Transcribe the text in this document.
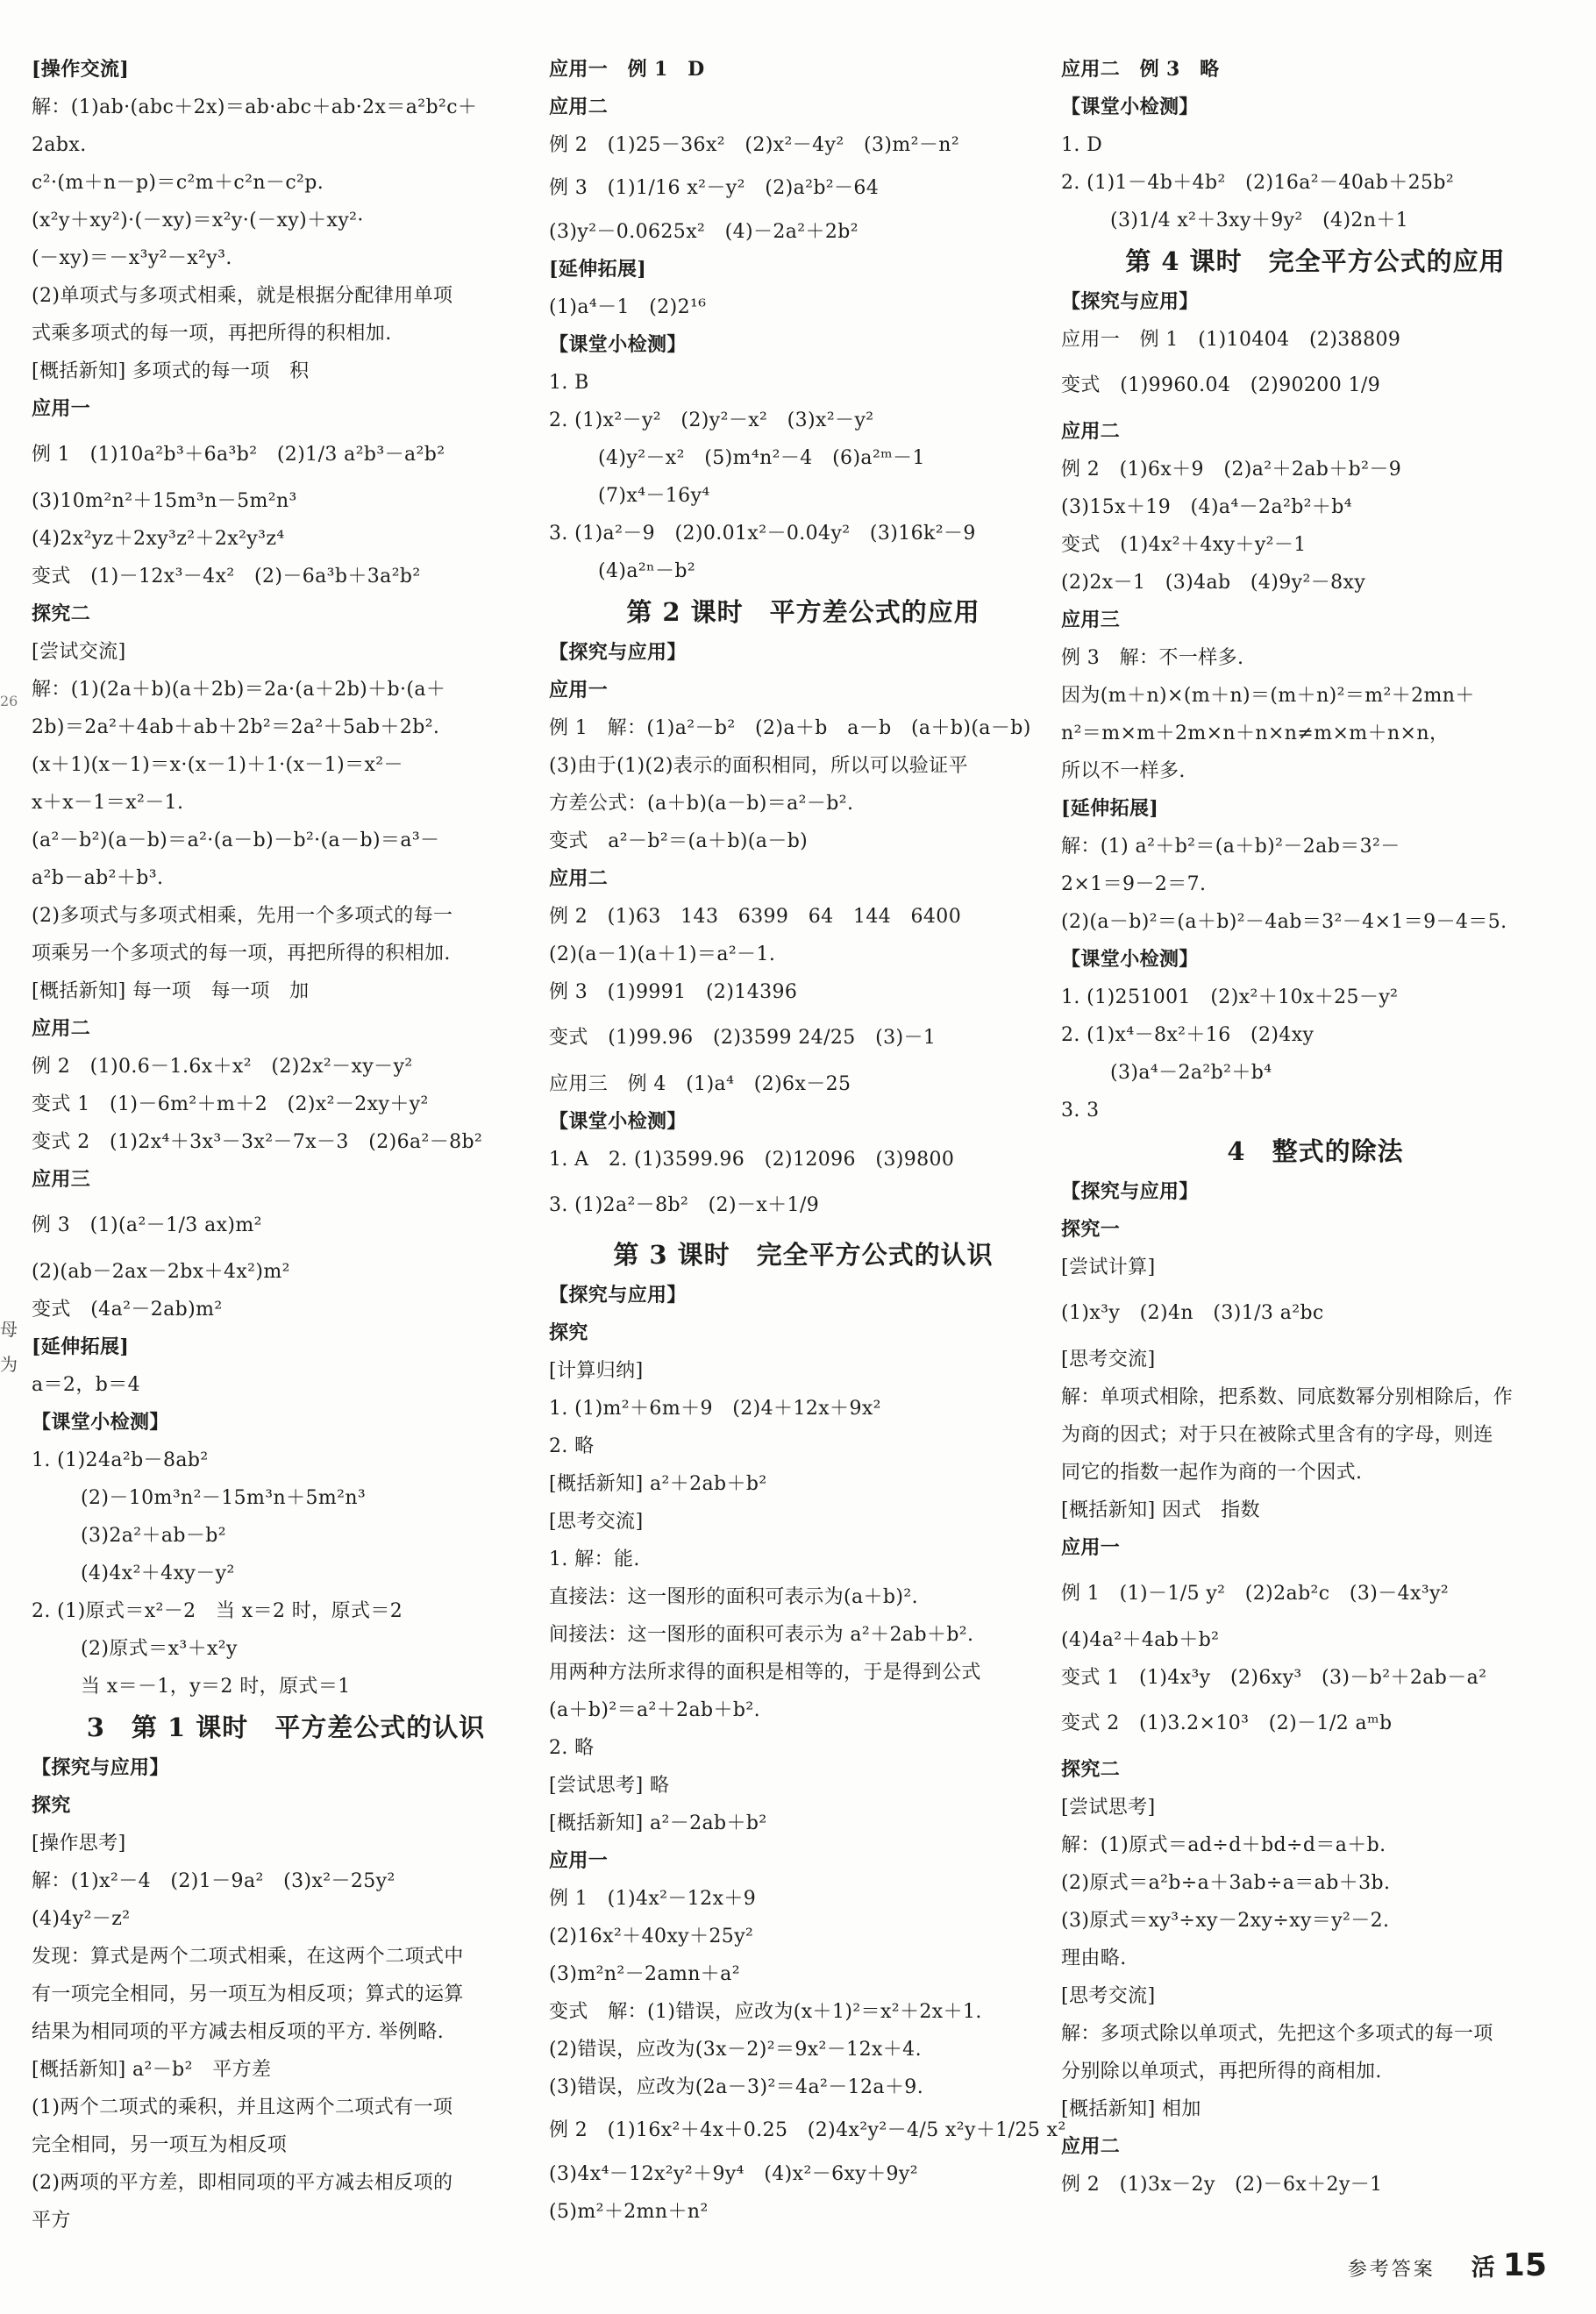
[操作交流]
解：(1)ab·(abc＋2x)＝ab·abc＋ab·2x＝a²b²c＋
2abx.
c²·(m＋n－p)＝c²m＋c²n－c²p.
(x²y＋xy²)·(－xy)＝x²y·(－xy)＋xy²·
(－xy)＝－x³y²－x²y³.
(2)单项式与多项式相乘，就是根据分配律用单项
式乘多项式的每一项，再把所得的积相加.
[概括新知] 多项式的每一项　积
应用一
例 1　(1)10a²b³＋6a³b²　(2)1/3 a²b³－a²b²
(3)10m²n²＋15m³n－5m²n³
(4)2x²yz＋2xy³z²＋2x²y³z⁴
变式　(1)－12x³－4x²　(2)－6a³b＋3a²b²
探究二
[尝试交流]
解：(1)(2a＋b)(a＋2b)＝2a·(a＋2b)＋b·(a＋
2b)＝2a²＋4ab＋ab＋2b²＝2a²＋5ab＋2b².
(x＋1)(x－1)＝x·(x－1)＋1·(x－1)＝x²－
x＋x－1＝x²－1.
(a²－b²)(a－b)＝a²·(a－b)－b²·(a－b)＝a³－
a²b－ab²＋b³.
(2)多项式与多项式相乘，先用一个多项式的每一
项乘另一个多项式的每一项，再把所得的积相加.
[概括新知] 每一项　每一项　加
应用二
例 2　(1)0.6－1.6x＋x²　(2)2x²－xy－y²
变式 1　(1)－6m²＋m＋2　(2)x²－2xy＋y²
变式 2　(1)2x⁴＋3x³－3x²－7x－3　(2)6a²－8b²
应用三
例 3　(1)(a²－1/3 ax)m²
(2)(ab－2ax－2bx＋4x²)m²
变式　(4a²－2ab)m²
[延伸拓展]
a＝2，b＝4
【课堂小检测】
1. (1)24a²b－8ab²
(2)－10m³n²－15m³n＋5m²n³
(3)2a²＋ab－b²
(4)4x²＋4xy－y²
2. (1)原式＝x²－2　当 x＝2 时，原式＝2
(2)原式＝x³＋x²y
当 x＝－1，y＝2 时，原式＝1
3　第 1 课时　平方差公式的认识
【探究与应用】
探究
[操作思考]
解：(1)x²－4　(2)1－9a²　(3)x²－25y²
(4)4y²－z²
发现：算式是两个二项式相乘，在这两个二项式中
有一项完全相同，另一项互为相反项；算式的运算
结果为相同项的平方减去相反项的平方. 举例略.
[概括新知] a²－b²　平方差
(1)两个二项式的乘积，并且这两个二项式有一项
完全相同，另一项互为相反项
(2)两项的平方差，即相同项的平方减去相反项的
平方
应用一　例 1　D
应用二
例 2　(1)25－36x²　(2)x²－4y²　(3)m²－n²
例 3　(1)1/16 x²－y²　(2)a²b²－64
(3)y²－0.0625x²　(4)－2a²＋2b²
[延伸拓展]
(1)a⁴－1　(2)2¹⁶
【课堂小检测】
1. B
2. (1)x²－y²　(2)y²－x²　(3)x²－y²
(4)y²－x²　(5)m⁴n²－4　(6)a²ᵐ－1
(7)x⁴－16y⁴
3. (1)a²－9　(2)0.01x²－0.04y²　(3)16k²－9
(4)a²ⁿ－b²
第 2 课时　平方差公式的应用
【探究与应用】
应用一
例 1　解：(1)a²－b²　(2)a＋b　a－b　(a＋b)(a－b)
(3)由于(1)(2)表示的面积相同，所以可以验证平
方差公式：(a＋b)(a－b)＝a²－b².
变式　a²－b²＝(a＋b)(a－b)
应用二
例 2　(1)63　143　6399　64　144　6400
(2)(a－1)(a＋1)＝a²－1.
例 3　(1)9991　(2)14396
变式　(1)99.96　(2)3599 24/25　(3)－1
应用三　例 4　(1)a⁴　(2)6x－25
【课堂小检测】
1. A　2. (1)3599.96　(2)12096　(3)9800
3. (1)2a²－8b²　(2)－x＋1/9
第 3 课时　完全平方公式的认识
【探究与应用】
探究
[计算归纳]
1. (1)m²＋6m＋9　(2)4＋12x＋9x²
2. 略
[概括新知] a²＋2ab＋b²
[思考交流]
1. 解：能.
直接法：这一图形的面积可表示为(a＋b)².
间接法：这一图形的面积可表示为 a²＋2ab＋b².
用两种方法所求得的面积是相等的，于是得到公式
(a＋b)²＝a²＋2ab＋b².
2. 略
[尝试思考] 略
[概括新知] a²－2ab＋b²
应用一
例 1　(1)4x²－12x＋9
(2)16x²＋40xy＋25y²
(3)m²n²－2amn＋a²
变式　解：(1)错误，应改为(x＋1)²＝x²＋2x＋1.
(2)错误，应改为(3x－2)²＝9x²－12x＋4.
(3)错误，应改为(2a－3)²＝4a²－12a＋9.
例 2　(1)16x²＋4x＋0.25　(2)4x²y²－4/5 x²y＋1/25 x²
(3)4x⁴－12x²y²＋9y⁴　(4)x²－6xy＋9y²
(5)m²＋2mn＋n²
应用二　例 3　略
【课堂小检测】
1. D
2. (1)1－4b＋4b²　(2)16a²－40ab＋25b²
(3)1/4 x²＋3xy＋9y²　(4)2n＋1
第 4 课时　完全平方公式的应用
【探究与应用】
应用一　例 1　(1)10404　(2)38809
变式　(1)9960.04　(2)90200 1/9
应用二
例 2　(1)6x＋9　(2)a²＋2ab＋b²－9
(3)15x＋19　(4)a⁴－2a²b²＋b⁴
变式　(1)4x²＋4xy＋y²－1
(2)2x－1　(3)4ab　(4)9y²－8xy
应用三
例 3　解：不一样多.
因为(m＋n)×(m＋n)＝(m＋n)²＝m²＋2mn＋
n²＝m×m＋2m×n＋n×n≠m×m＋n×n，
所以不一样多.
[延伸拓展]
解：(1) a²＋b²＝(a＋b)²－2ab＝3²－
2×1＝9－2＝7.
(2)(a－b)²＝(a＋b)²－4ab＝3²－4×1＝9－4＝5.
【课堂小检测】
1. (1)251001　(2)x²＋10x＋25－y²
2. (1)x⁴－8x²＋16　(2)4xy
(3)a⁴－2a²b²＋b⁴
3. 3
4　整式的除法
【探究与应用】
探究一
[尝试计算]
(1)x³y　(2)4n　(3)1/3 a²bc
[思考交流]
解：单项式相除，把系数、同底数幂分别相除后，作
为商的因式；对于只在被除式里含有的字母，则连
同它的指数一起作为商的一个因式.
[概括新知] 因式　指数
应用一
例 1　(1)－1/5 y²　(2)2ab²c　(3)－4x³y²
(4)4a²＋4ab＋b²
变式 1　(1)4x³y　(2)6xy³　(3)－b²＋2ab－a²
变式 2　(1)3.2×10³　(2)－1/2 aᵐb
探究二
[尝试思考]
解：(1)原式＝ad÷d＋bd÷d＝a＋b.
(2)原式＝a²b÷a＋3ab÷a＝ab＋3b.
(3)原式＝xy³÷xy－2xy÷xy＝y²－2.
理由略.
[思考交流]
解：多项式除以单项式，先把这个多项式的每一项
分别除以单项式，再把所得的商相加.
[概括新知] 相加
应用二
例 2　(1)3x－2y　(2)－6x＋2y－1
26
母
为
参考答案 活 15
